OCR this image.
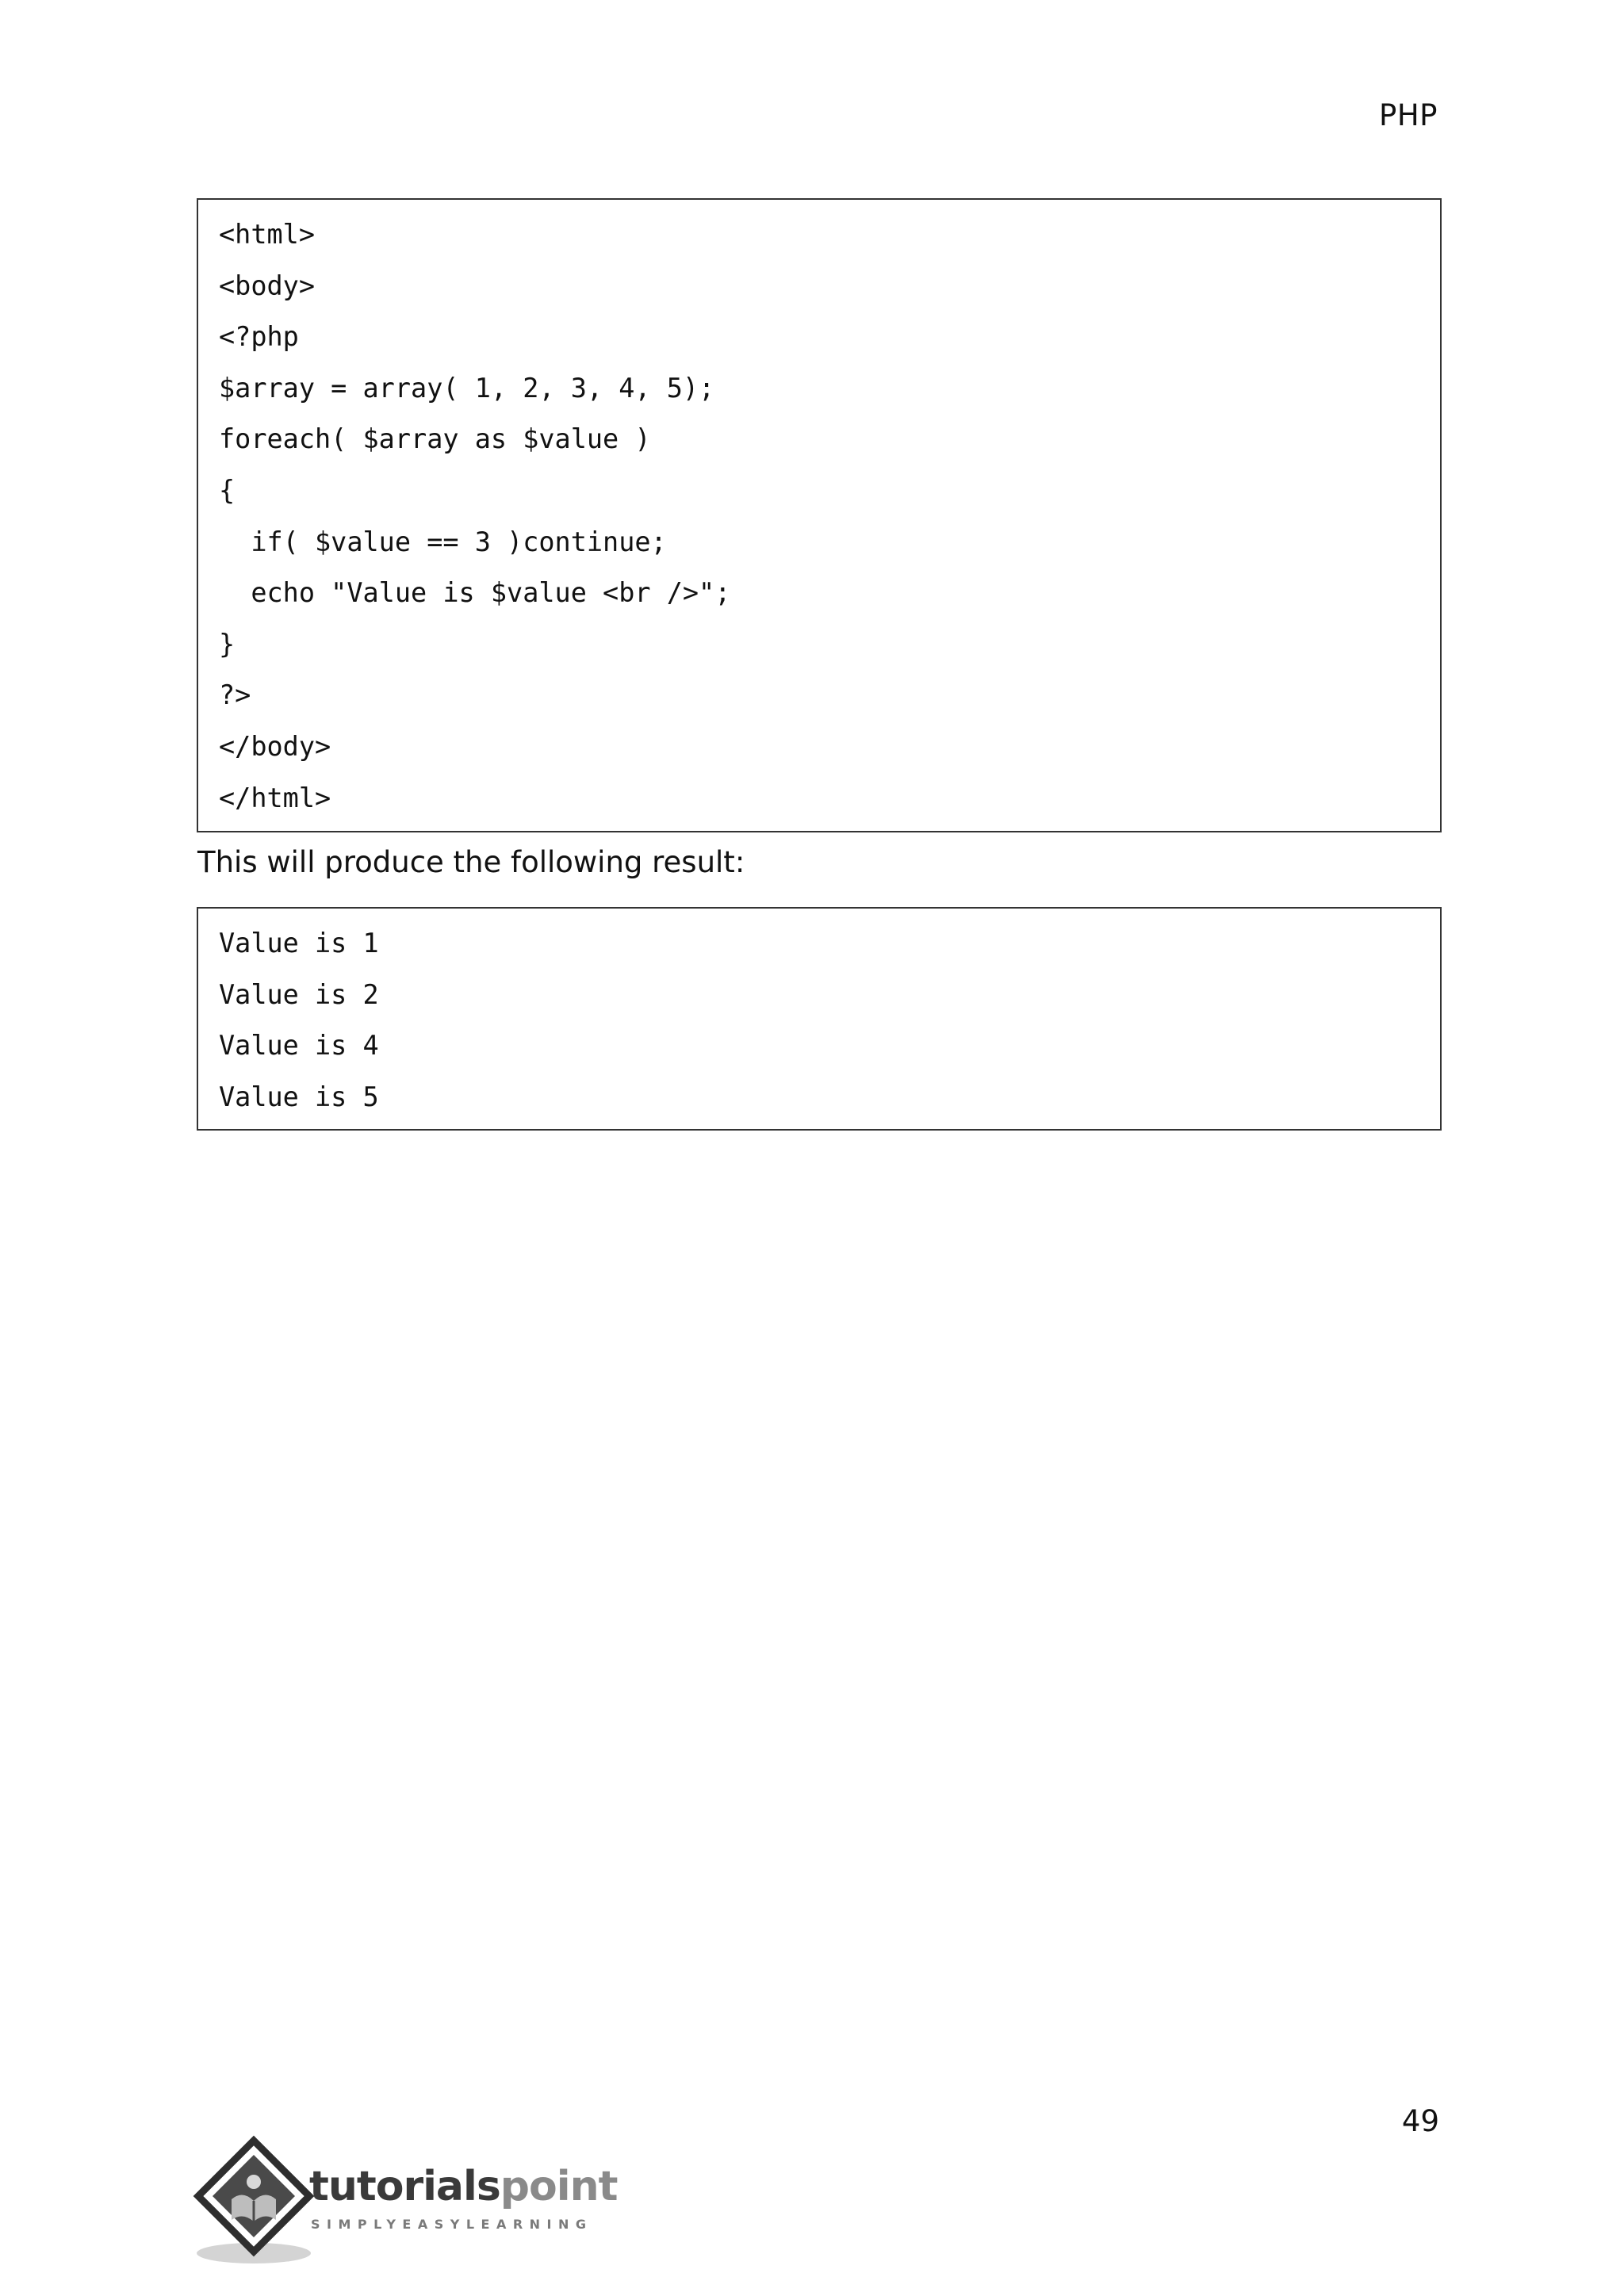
PHP
<html>
<body>
<?php
$array = array( 1, 2, 3, 4, 5);
foreach( $array as $value )
{
if( $value == 3 )continue;
echo "Value is $value <br />";
}
?>
</body>
</html>
This will produce the following result:
Value is 1
Value is 2
Value is 4
Value is 5
49
tutorialspoint
SIMPLYEASYLEARNING
